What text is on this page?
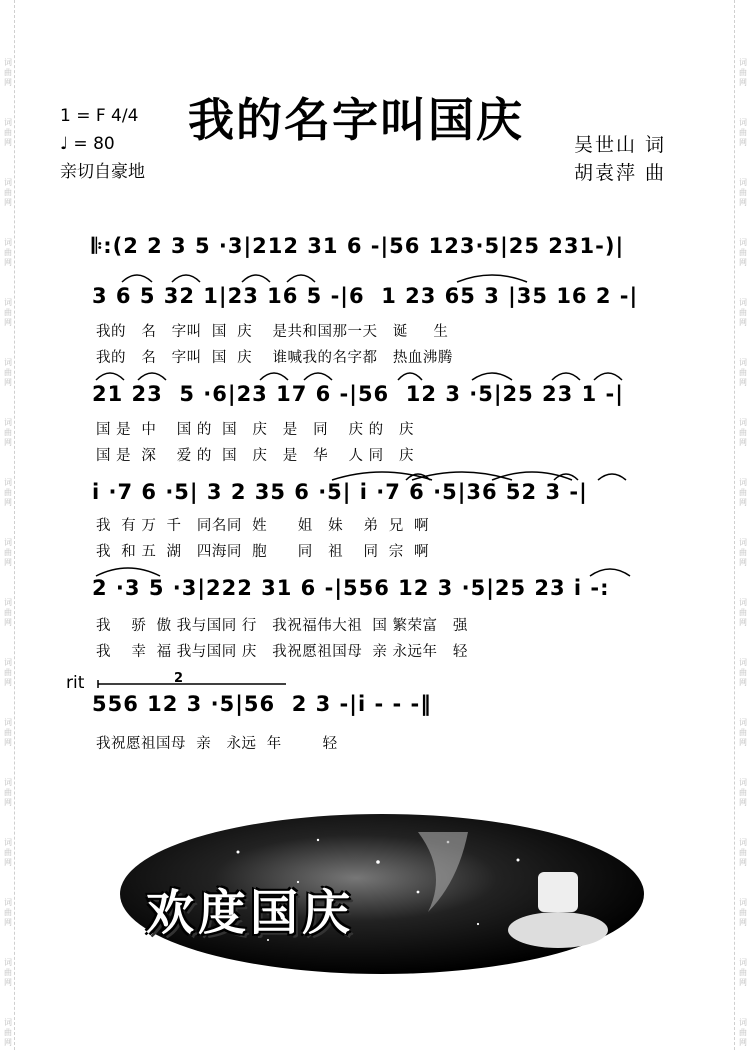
词
曲
网
词
曲
网
词
曲
网
词
曲
网
词
曲
网
词
曲
网
词
曲
网
词
曲
网
词
曲
网
词
曲
网
词
曲
网
词
曲
网
词
曲
网
词
曲
网
词
曲
网
词
曲
网
词
曲
网
词
曲
网
词
曲
网
词
曲
网
词
曲
网
词
曲
网
词
曲
网
词
曲
网
词
曲
网
词
曲
网
词
曲
网
词
曲
网
词
曲
网
词
曲
网
词
曲
网
词
曲
网
词
曲
网
词
曲
网
1 = F 4/4
♩ = 80
亲切自豪地
我的名字叫国庆	吴世山 词
胡袁萍 曲
𝄆:(2 2 3 5 ·3|212 31 6 -|56 123·5|25 231-)|
3 6 5 32 1|23 16 5 -|6  1 23 65 3 |35 16 2 -|
我的   名   字叫  国  庆    是共和国那一天   诞     生
我的   名   字叫  国  庆    谁喊我的名字都   热血沸腾
21 23  5 ·6|23 17 6 -|56  12 3 ·5|25 23 1 -|
国 是  中    国 的  国   庆   是   同    庆 的   庆
国 是  深    爱 的  国   庆   是   华    人 同   庆
i ·7 6 ·5| 3 2 35 6 ·5| i ·7 6 ·5|36 52 3 -|
我  有 万  千   同名同  姓      姐   妹    弟  兄  啊
我  和 五  湖   四海同  胞      同   祖    同  宗  啊
2 ·3 5 ·3|222 31 6 -|556 12 3 ·5|25 23 i -:
我    骄  傲 我与国同 行   我祝福伟大祖  国 繁荣富   强
我    幸  福 我与国同 庆   我祝愿祖国母  亲 永远年   轻
rit	2
556 12 3 ·5|56  2 3 -|i - - -‖
我祝愿祖国母  亲   永远  年        轻
欢度国庆
